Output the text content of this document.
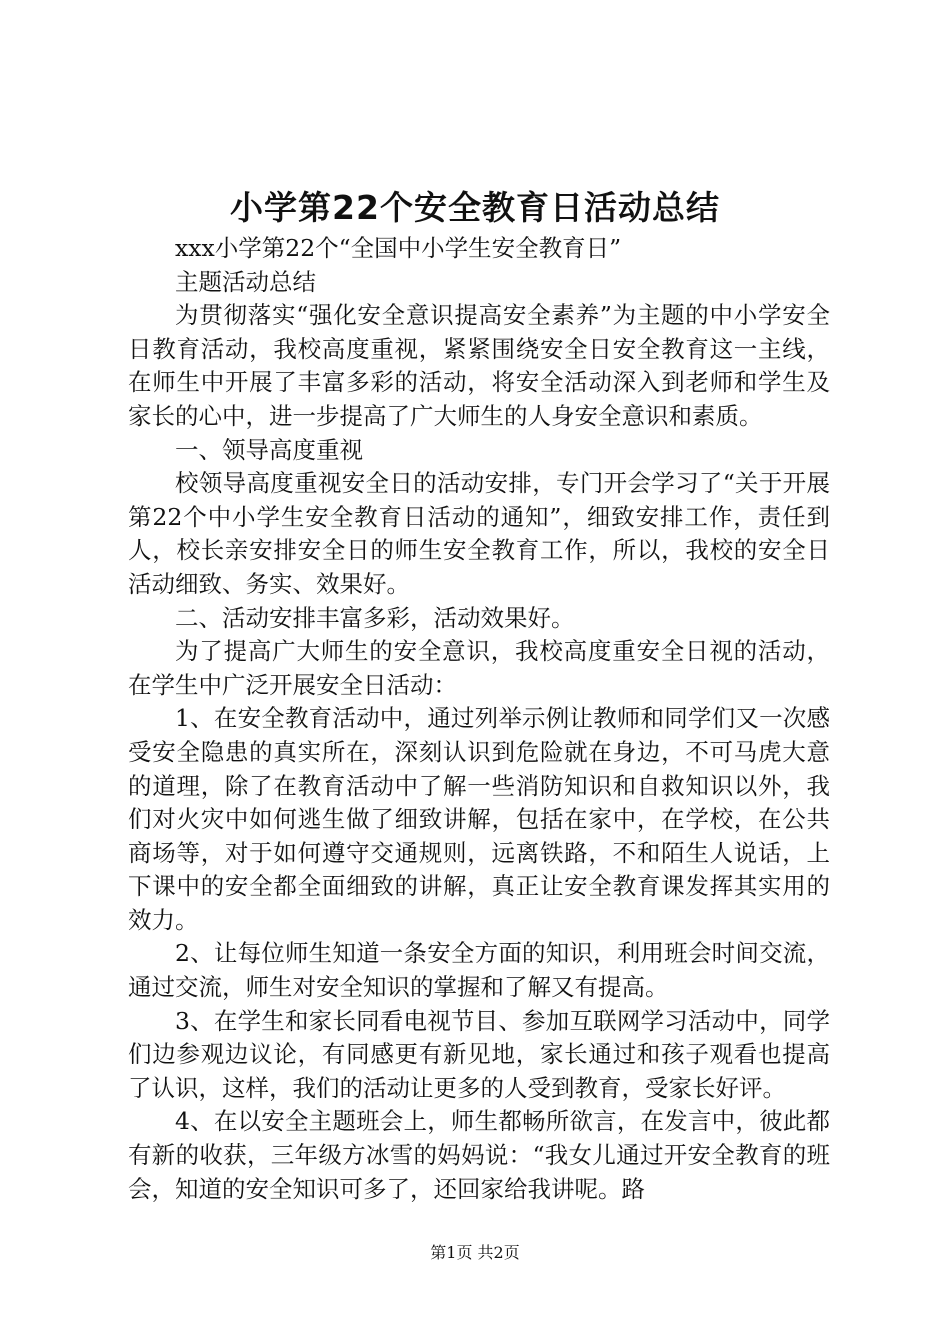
小学第22个安全教育日活动总结

xxx小学第22个“全国中小学生安全教育日”

主题活动总结

为贯彻落实“强化安全意识提高安全素养”为主题的中小学安全日教育活动，我校高度重视，紧紧围绕安全日安全教育这一主线，在师生中开展了丰富多彩的活动，将安全活动深入到老师和学生及家长的心中，进一步提高了广大师生的人身安全意识和素质。

一、领导高度重视

校领导高度重视安全日的活动安排，专门开会学习了“关于开展第22个中小学生安全教育日活动的通知”，细致安排工作，责任到人，校长亲安排安全日的师生安全教育工作，所以，我校的安全日活动细致、务实、效果好。

二、活动安排丰富多彩，活动效果好。

为了提高广大师生的安全意识，我校高度重安全日视的活动，在学生中广泛开展安全日活动：

1、在安全教育活动中，通过列举示例让教师和同学们又一次感受安全隐患的真实所在，深刻认识到危险就在身边，不可马虎大意的道理，除了在教育活动中了解一些消防知识和自救知识以外，我们对火灾中如何逃生做了细致讲解，包括在家中，在学校，在公共商场等，对于如何遵守交通规则，远离铁路，不和陌生人说话，上下课中的安全都全面细致的讲解，真正让安全教育课发挥其实用的效力。

2、让每位师生知道一条安全方面的知识，利用班会时间交流，通过交流，师生对安全知识的掌握和了解又有提高。

3、在学生和家长同看电视节目、参加互联网学习活动中，同学们边参观边议论，有同感更有新见地，家长通过和孩子观看也提高了认识，这样，我们的活动让更多的人受到教育，受家长好评。

4、在以安全主题班会上，师生都畅所欲言，在发言中，彼此都有新的收获，三年级方冰雪的妈妈说：“我女儿通过开安全教育的班会，知道的安全知识可多了，还回家给我讲呢。路

第1页 共2页
